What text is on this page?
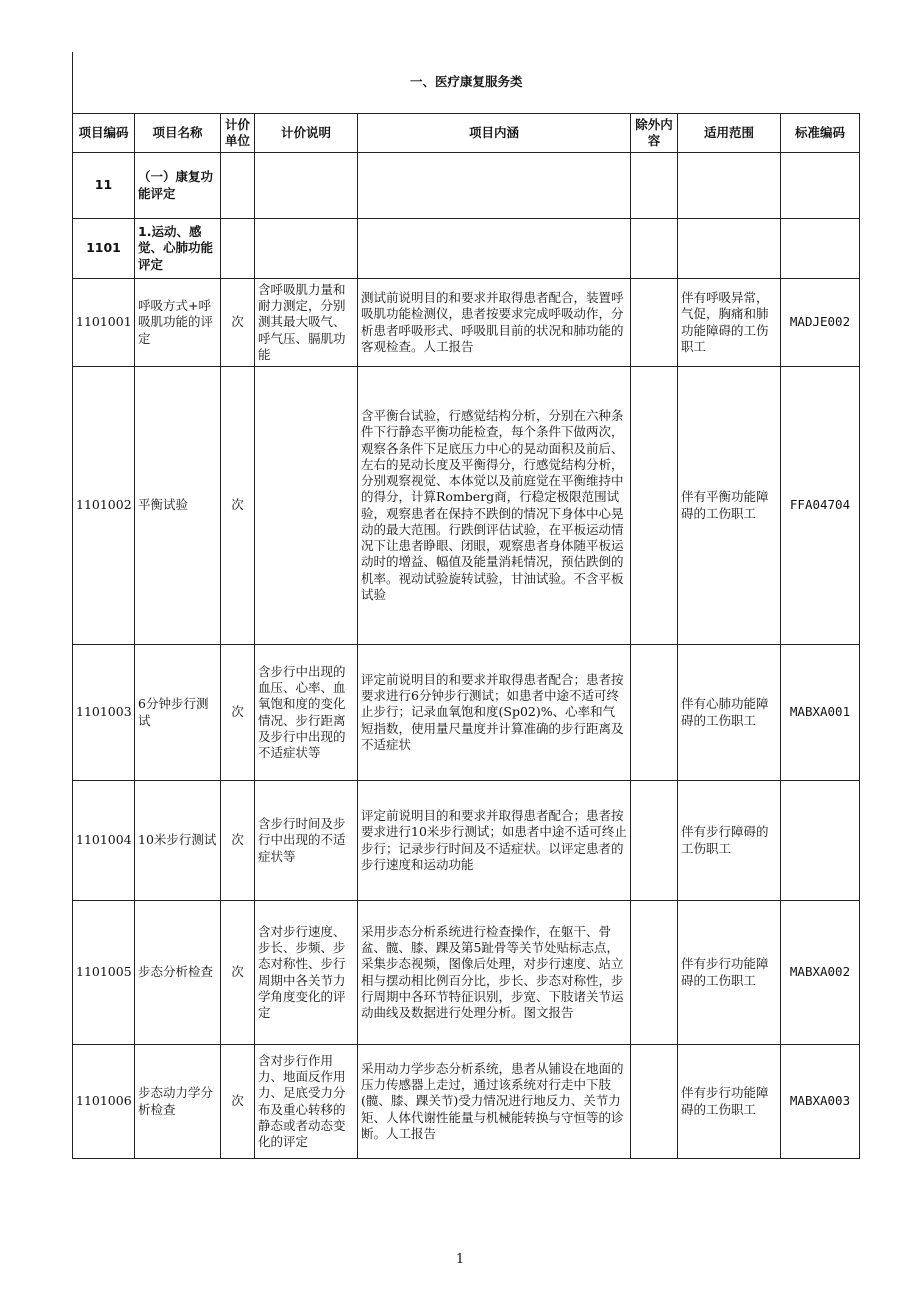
一、医疗康复服务类							
项目编码	项目名称	计价单位	计价说明	项目内涵	除外内容	适用范围	标准编码
11	（一）康复功能评定						
1101	1.运动、感觉、心肺功能评定						
1101001	呼吸方式+呼吸肌功能的评定	次	含呼吸肌力量和耐力测定，分别测其最大吸气、呼气压、膈肌功能	测试前说明目的和要求并取得患者配合，装置呼吸肌功能检测仪，患者按要求完成呼吸动作，分析患者呼吸形式、呼吸肌目前的状况和肺功能的客观检查。人工报告		伴有呼吸异常，气促，胸痛和肺功能障碍的工伤职工	MADJE002
1101002	平衡试验	次		含平衡台试验，行感觉结构分析，分别在六种条件下行静态平衡功能检查，每个条件下做两次，观察各条件下足底压力中心的晃动面积及前后、左右的晃动长度及平衡得分，行感觉结构分析，分别观察视觉、本体觉以及前庭觉在平衡维持中的得分，计算Romberg商，行稳定极限范围试验，观察患者在保持不跌倒的情况下身体中心晃动的最大范围。行跌倒评估试验，在平板运动情况下让患者睁眼、闭眼，观察患者身体随平板运动时的增益、幅值及能量消耗情况，预估跌倒的机率。视动试验旋转试验，甘油试验。不含平板试验		伴有平衡功能障碍的工伤职工	FFA04704
1101003	6分钟步行测试	次	含步行中出现的血压、心率、血氧饱和度的变化情况、步行距离及步行中出现的不适症状等	评定前说明目的和要求并取得患者配合；患者按要求进行6分钟步行测试；如患者中途不适可终止步行；记录血氧饱和度(Sp02)%、心率和气短指数，使用量尺量度并计算准确的步行距离及不适症状		伴有心肺功能障碍的工伤职工	MABXA001
1101004	10米步行测试	次	含步行时间及步行中出现的不适症状等	评定前说明目的和要求并取得患者配合；患者按要求进行10米步行测试；如患者中途不适可终止步行；记录步行时间及不适症状。以评定患者的步行速度和运动功能		伴有步行障碍的工伤职工	
1101005	步态分析检查	次	含对步行速度、步长、步频、步态对称性、步行周期中各关节力学角度变化的评定	采用步态分析系统进行检查操作，在躯干、骨盆、髋、膝、踝及第5趾骨等关节处贴标志点，采集步态视频，图像后处理，对步行速度、站立相与摆动相比例百分比，步长、步态对称性，步行周期中各环节特征识别，步宽、下肢诸关节运动曲线及数据进行处理分析。图文报告		伴有步行功能障碍的工伤职工	MABXA002
1101006	步态动力学分析检查	次	含对步行作用力、地面反作用力、足底受力分布及重心转移的静态或者动态变化的评定	采用动力学步态分析系统，患者从铺设在地面的压力传感器上走过，通过该系统对行走中下肢(髋、膝、踝关节)受力情况进行地反力、关节力矩、人体代谢性能量与机械能转换与守恒等的诊断。人工报告		伴有步行功能障碍的工伤职工	MABXA003
1
